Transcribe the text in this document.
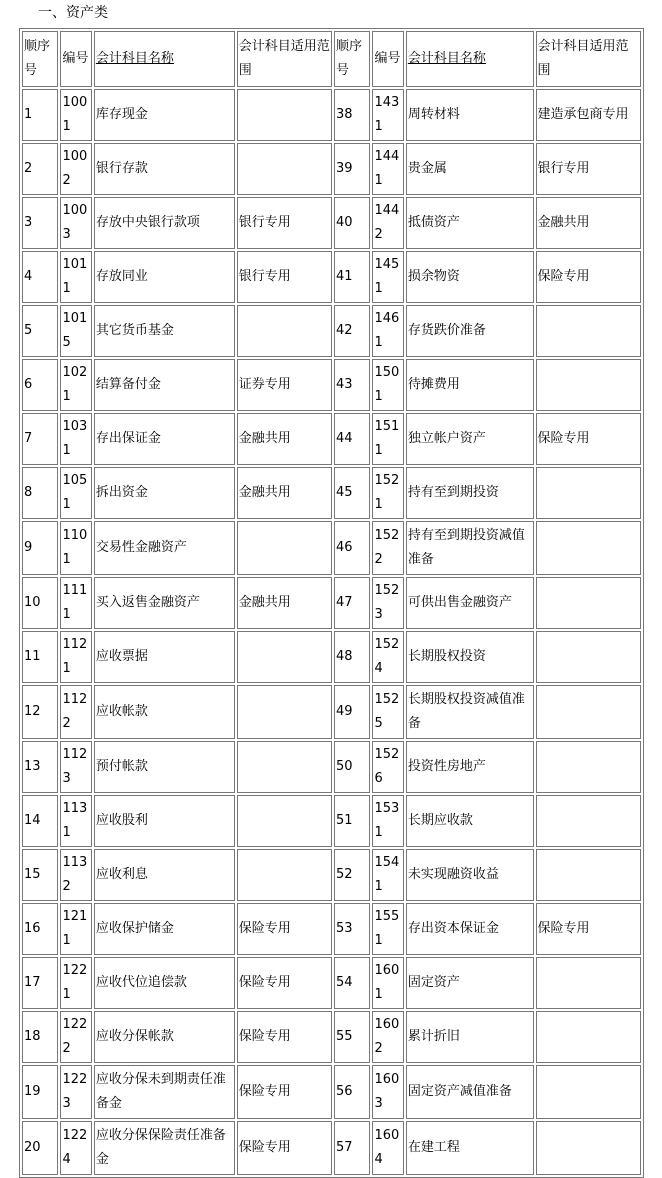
一、资产类
顺序号	编号	会计科目名称	会计科目适用范围	顺序号	编号	会计科目名称	会计科目适用范围
1	1001	库存现金		38	1431	周转材料	建造承包商专用
2	1002	银行存款		39	1441	贵金属	银行专用
3	1003	存放中央银行款项	银行专用	40	1442	抵债资产	金融共用
4	1011	存放同业	银行专用	41	1451	损余物资	保险专用
5	1015	其它货币基金		42	1461	存货跌价准备	
6	1021	结算备付金	证券专用	43	1501	待摊费用	
7	1031	存出保证金	金融共用	44	1511	独立帐户资产	保险专用
8	1051	拆出资金	金融共用	45	1521	持有至到期投资	
9	1101	交易性金融资产		46	1522	持有至到期投资减值准备	
10	1111	买入返售金融资产	金融共用	47	1523	可供出售金融资产	
11	1121	应收票据		48	1524	长期股权投资	
12	1122	应收帐款		49	1525	长期股权投资减值准备	
13	1123	预付帐款		50	1526	投资性房地产	
14	1131	应收股利		51	1531	长期应收款	
15	1132	应收利息		52	1541	未实现融资收益	
16	1211	应收保护储金	保险专用	53	1551	存出资本保证金	保险专用
17	1221	应收代位追偿款	保险专用	54	1601	固定资产	
18	1222	应收分保帐款	保险专用	55	1602	累计折旧	
19	1223	应收分保未到期责任准备金	保险专用	56	1603	固定资产减值准备	
20	1224	应收分保保险责任准备金	保险专用	57	1604	在建工程	
